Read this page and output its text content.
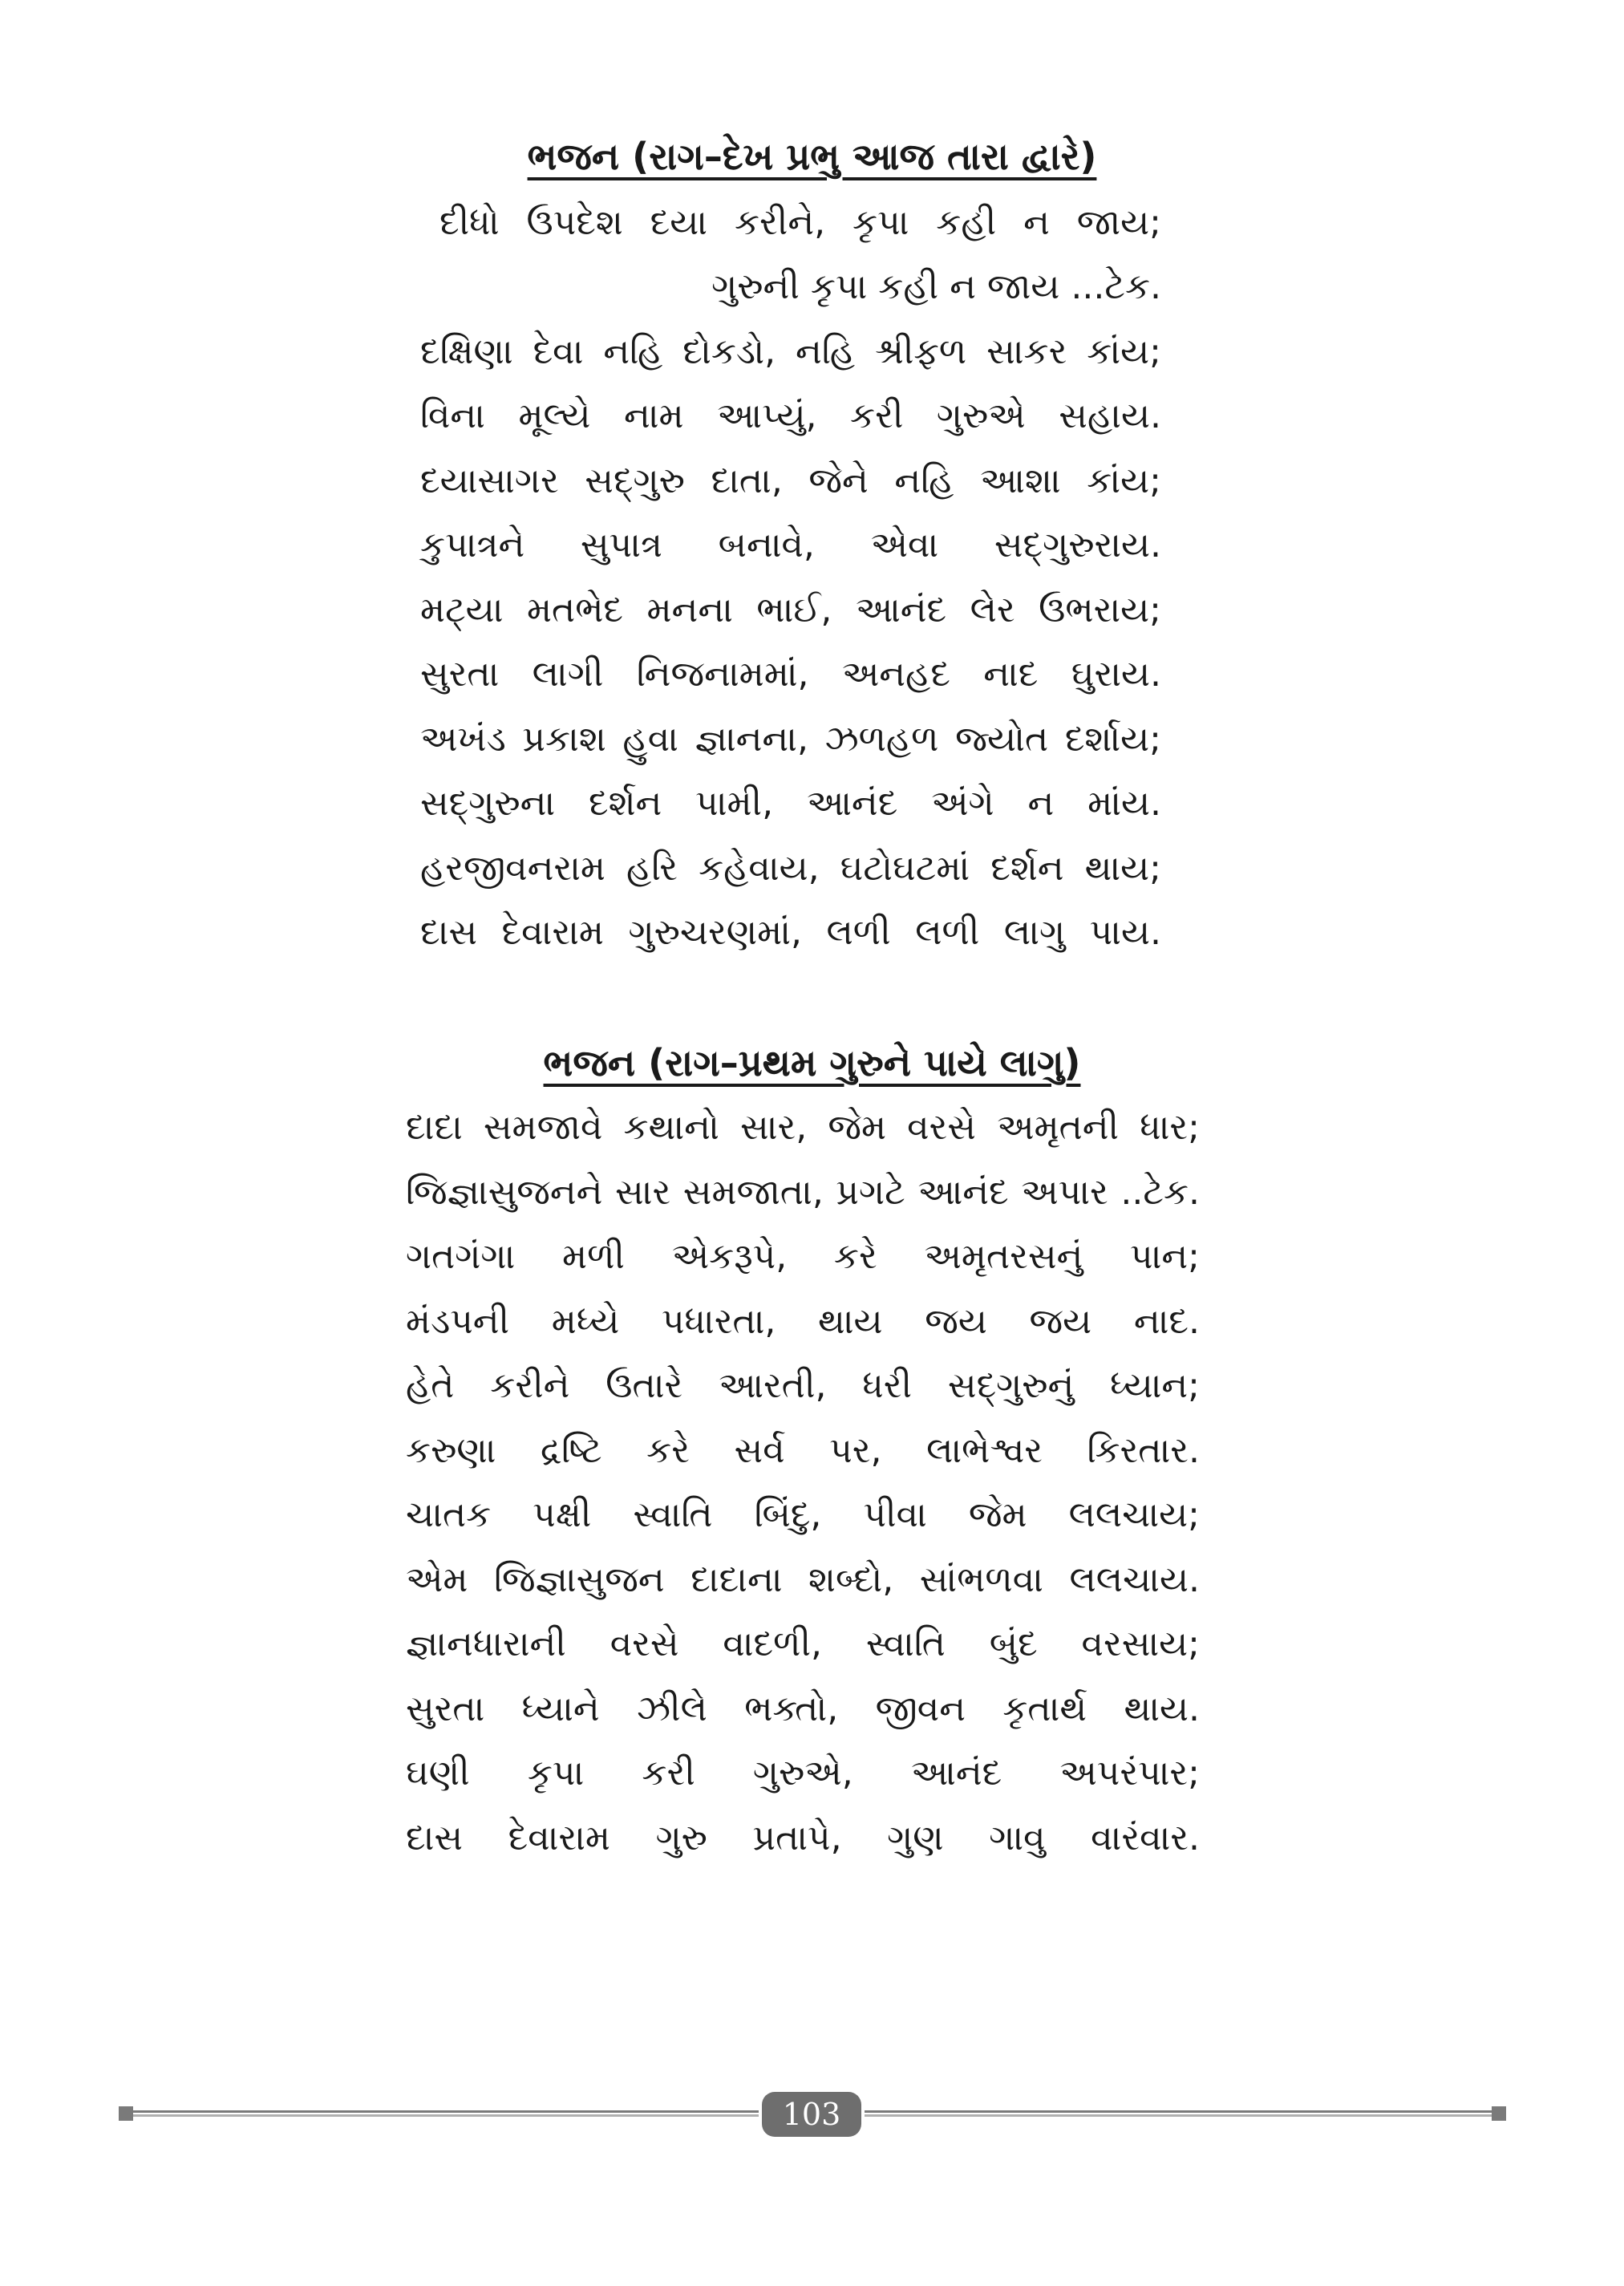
ભજન (રાગ–દેખ પ્રભુ આજ તારા દ્વારે)
દીધો ઉપદેશ દયા કરીને, કૃપા કહી ન જાય;
ગુરુની કૃપા કહી ન જાય ...ટેક.
દક્ષિણા દેવા નહિ દોકડો, નહિ શ્રીફળ સાકર કાંય;
વિના મૂલ્યે નામ આપ્યું, કરી ગુરુએ સહાય.
દયાસાગર સદ્‌ગુરુ દાતા, જેને નહિ આશા કાંય;
કુપાત્રને સુપાત્ર બનાવે, એવા સદ્‌ગુરુરાય.
મટ્યા મતભેદ મનના ભાઈ, આનંદ લેર ઉભરાય;
સુરતા લાગી નિજનામમાં, અનહદ નાદ ઘુરાય.
અખંડ પ્રકાશ હુવા જ્ઞાનના, ઝળહળ જ્યોત દર્શાય;
સદ્‌ગુરુના દર્શન પામી, આનંદ અંગે ન માંય.
હરજીવનરામ હરિ કહેવાય, ઘટોઘટમાં દર્શન થાય;
દાસ દેવારામ ગુરુચરણમાં, લળી લળી લાગુ પાય.
ભજન (રાગ–પ્રથમ ગુરુને પાયે લાગુ)
દાદા સમજાવે કથાનો સાર, જેમ વરસે અમૃતની ધાર;
જિજ્ઞાસુજનને સાર સમજાતા, પ્રગટે આનંદ અપાર ..ટેક.
ગતગંગા મળી એકરૂપે, કરે અમૃતરસનું પાન;
મંડપની મધ્યે પધારતા, થાય જય જય નાદ.
હેતે કરીને ઉતારે આરતી, ધરી સદ્‌ગુરુનું ધ્યાન;
કરુણા દ્રષ્ટિ કરે સર્વ પર, લાભેશ્વર કિરતાર.
ચાતક પક્ષી સ્વાતિ બિંદુ, પીવા જેમ લલચાય;
એમ જિજ્ઞાસુજન દાદાના શબ્દો, સાંભળવા લલચાય.
જ્ઞાનધારાની વરસે વાદળી, સ્વાતિ બુંદ વરસાય;
સુરતા ધ્યાને ઝીલે ભક્તો, જીવન કૃતાર્થ થાય.
ઘણી કૃપા કરી ગુરુએ, આનંદ અપરંપાર;
દાસ દેવારામ ગુરુ પ્રતાપે, ગુણ ગાવુ વારંવાર.
103
